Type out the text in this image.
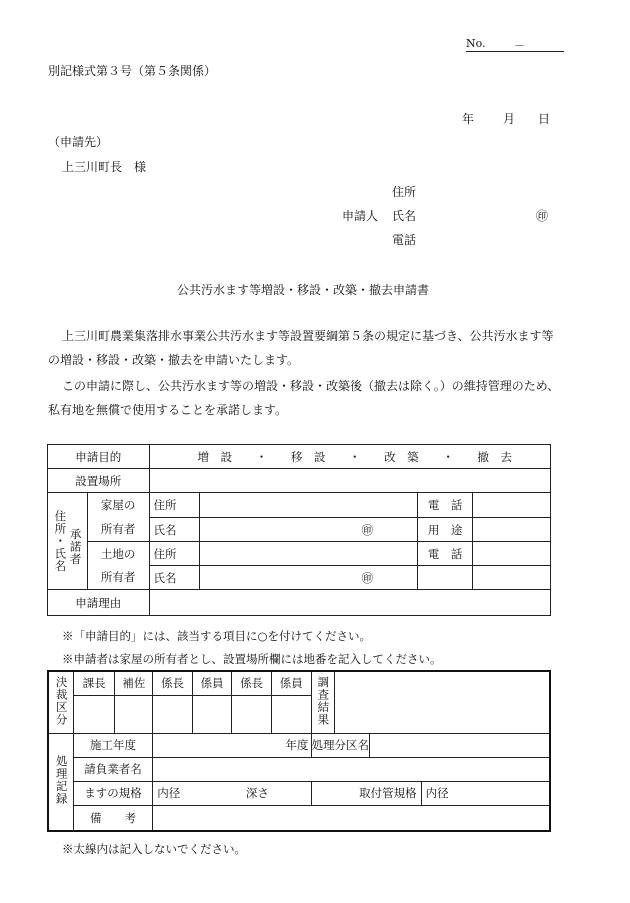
No.	－
別記様式第３号（第５条関係）
年 月 日
（申請先）
上三川町長　様
住所
申請人 氏名	㊞
電話
公共汚水ます等増設・移設・改築・撤去申請書
上三川町農業集落排水事業公共汚水ます等設置要綱第５条の規定に基づき、公共汚水ます等
の増設・移設・改築・撤去を申請いたします。
この申請に際し、公共汚水ます等の増設・移設・改築後（撤去は除く。）の維持管理のため、
私有地を無償で使用することを承諾します。
申請目的		増　設 ・ 移　設 ・ 改　築 ・ 撤　去			
設置場所					

住所・氏名 承諾者	家屋の	住所		電　話	
	所有者	氏名	㊞	用　途	
	土地の	住所		電　話	
	所有者	氏名	㊞		
申請理由					
※「申請目的」には、該当する項目に○を付けてください。
※申請者は家屋の所有者とし、設置場所欄には地番を記入してください。
決裁区分	課長	補佐	係長	係員	係長	係員	調査結果			

処理記録	施工年度		年度				処理分区名			
	請負業者名									
	ますの規格		内径 深さ				取付管規格			内径
	備　　考									
※太線内は記入しないでください。
